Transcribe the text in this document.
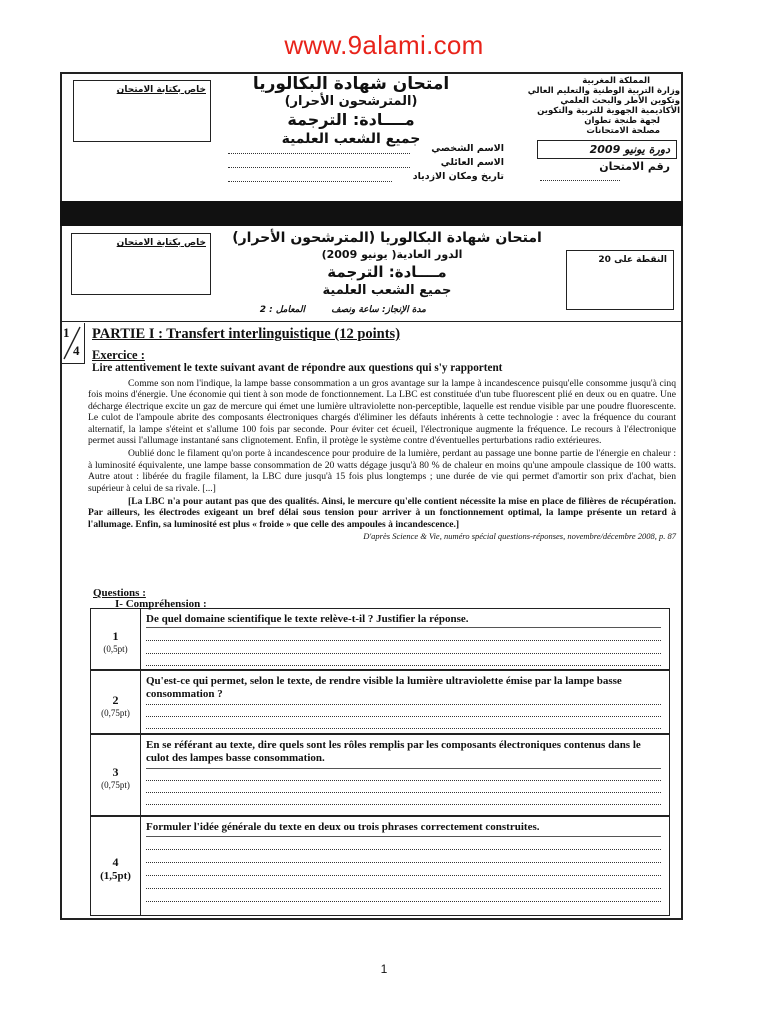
www.9alami.com
خاص بكتابة الامتحان	امتحان شهادة البكالوريا
(المترشحون الأحرار)
مــــادة: الترجمة
جميع الشعب العلمية
المملكة المغربية
وزارة التربية الوطنية والتعليم العالي
وتكوين الأطر والبحث العلمي
الأكاديمية الجهوية للتربية والتكوين
لجهة طنجة تطوان
مصلحة الامتحانات
دورة يونيو 2009
رقم الامتحان
الاسم الشخصي
الاسم العائلي
تاريخ ومكان الازدياد
خاص بكتابة الامتحان	امتحان شهادة البكالوريا (المترشحون الأحرار)
الدور العادية( يونيو 2009)
مــــادة: الترجمة
جميع الشعب العلمية
مدة الإنجاز: ساعة ونصف
المعامل : 2
النقطة على 20
1
4
PARTIE I : Transfert interlinguistique (12 points)
Exercice :
Lire attentivement le texte suivant avant de répondre aux questions qui s'y rapportent

Comme son nom l'indique, la lampe basse consommation a un gros avantage sur la lampe à incandescence puisqu'elle consomme jusqu'à cinq fois moins d'énergie. Une économie qui tient à son mode de fonctionnement. La LBC est constituée d'un tube fluorescent plié en deux ou en quatre. Une décharge électrique excite un gaz de mercure qui émet une lumière ultraviolette non-perceptible, laquelle est rendue visible par une poudre fluorescente. Le culot de l'ampoule abrite des composants électroniques chargés d'éliminer les défauts inhérents à cette technologie : avec la fréquence du courant alternatif, la lampe s'éteint et s'allume 100 fois par seconde. Pour éviter cet écueil, l'électronique augmente la fréquence. Le recours à l'électronique permet aussi l'allumage instantané sans clignotement. Enfin, il protège le système contre d'éventuelles perturbations radio extérieures.

Oublié donc le filament qu'on porte à incandescence pour produire de la lumière, perdant au passage une bonne partie de l'énergie en chaleur : à luminosité équivalente, une lampe basse consommation de 20 watts dégage jusqu'à 80 % de chaleur en moins qu'une ampoule classique de 100 watts. Autre atout : libérée du fragile filament, la LBC dure jusqu'à 15 fois plus longtemps ; une durée de vie qui permet d'amortir son prix d'achat, bien supérieur à celui de sa rivale. [...]

[La LBC n'a pour autant pas que des qualités. Ainsi, le mercure qu'elle contient nécessite la mise en place de filières de récupération. Par ailleurs, les électrodes exigeant un bref délai sous tension pour arriver à un fonctionnement optimal, la lampe présente un retard à l'allumage. Enfin, sa luminosité est plus « froide » que celle des ampoules à incandescence.]

D'après Science & Vie, numéro spécial questions-réponses, novembre/décembre 2008, p. 87

Questions :
I- Compréhension :
1
(0,5pt)
De quel domaine scientifique le texte relève-t-il ? Justifier la réponse.
2
(0,75pt)
Qu'est-ce qui permet, selon le texte, de rendre visible la lumière ultraviolette émise par la lampe basse consommation ?
3
(0,75pt)
En se référant au texte, dire quels sont les rôles remplis par les composants électroniques contenus dans le culot des lampes basse consommation.
4
(1,5pt)
Formuler l'idée générale du texte en deux ou trois phrases correctement construites.
1
